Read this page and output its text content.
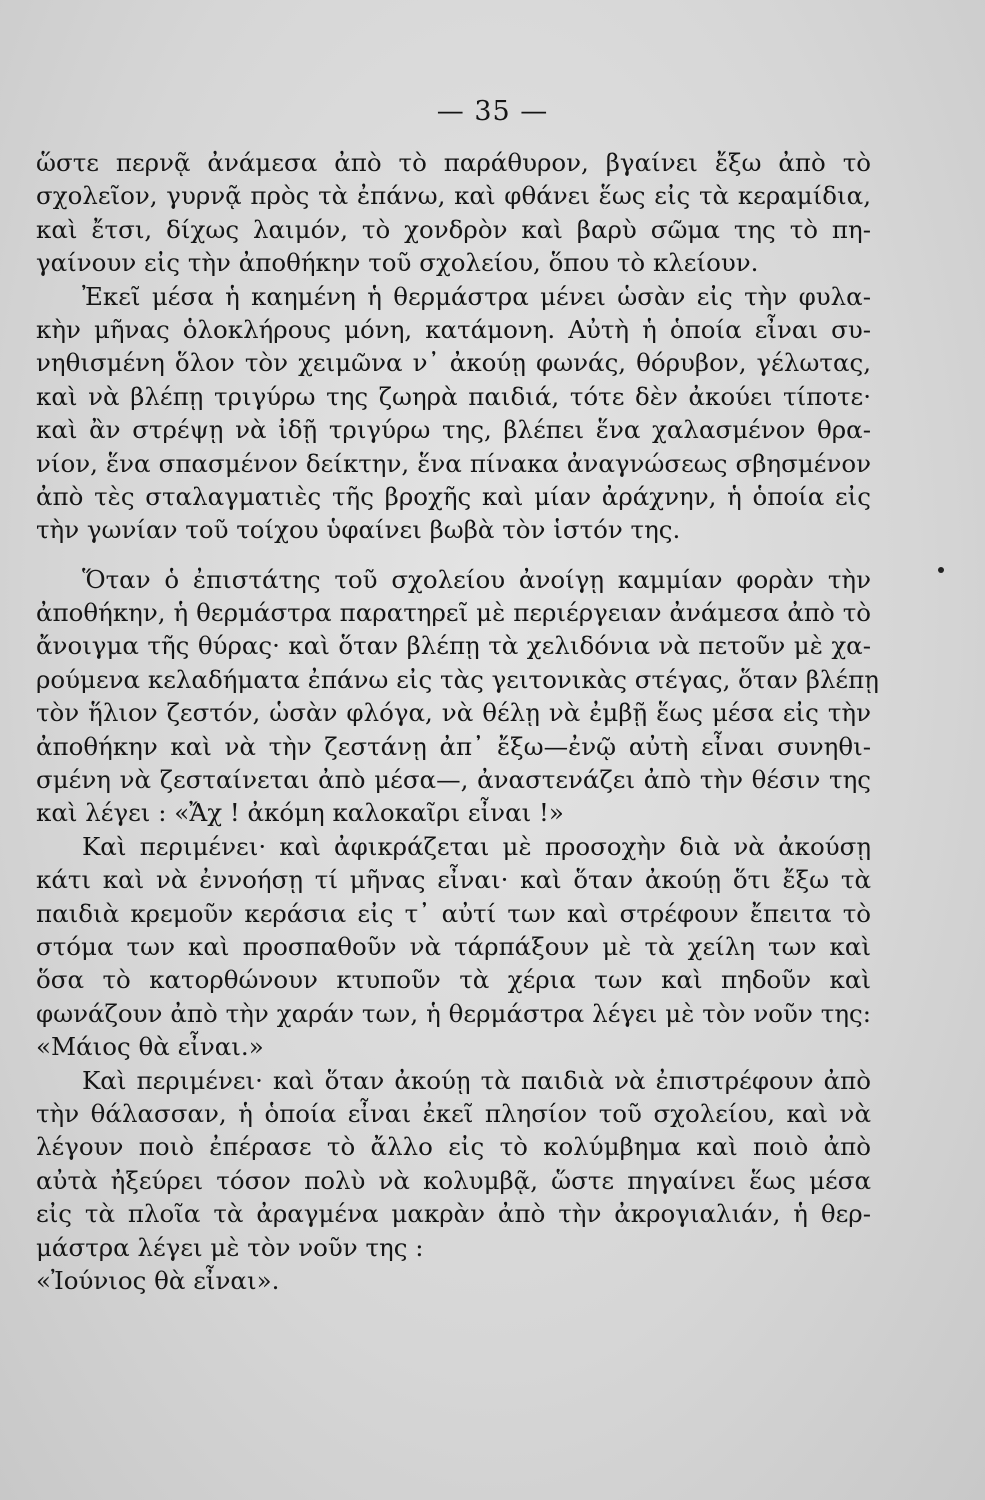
— 35 —
ὥστε περνᾷ ἀνάμεσα ἀπὸ τὸ παράθυρον, βγαίνει ἔξω ἀπὸ τὸ
σχολεῖον, γυρνᾷ πρὸς τὰ ἐπάνω, καὶ φθάνει ἕως εἰς τὰ κεραμίδια,
καὶ ἔτσι, δίχως λαιμόν, τὸ χονδρὸν καὶ βαρὺ σῶμα της τὸ πη-
γαίνουν εἰς τὴν ἀποθήκην τοῦ σχολείου, ὅπου τὸ κλείουν.
Ἐκεῖ μέσα ἡ καημένη ἡ θερμάστρα μένει ὡσὰν εἰς τὴν φυλα-
κὴν μῆνας ὁλοκλήρους μόνη, κατάμονη. Αὐτὴ ἡ ὁποία εἶναι συ-
νηθισμένη ὅλον τὸν χειμῶνα ν᾽ ἀκούῃ φωνάς, θόρυβον, γέλωτας,
καὶ νὰ βλέπῃ τριγύρω της ζωηρὰ παιδιά, τότε δὲν ἀκούει τίποτε·
καὶ ἂν στρέψῃ νὰ ἰδῇ τριγύρω της, βλέπει ἕνα χαλασμένον θρα-
νίον, ἕνα σπασμένον δείκτην, ἕνα πίνακα ἀναγνώσεως σβησμένον
ἀπὸ τὲς σταλαγματιὲς τῆς βροχῆς καὶ μίαν ἀράχνην, ἡ ὁποία εἰς
τὴν γωνίαν τοῦ τοίχου ὑφαίνει βωβὰ τὸν ἱστόν της.
Ὅταν ὁ ἐπιστάτης τοῦ σχολείου ἀνοίγῃ καμμίαν φορὰν τὴν
ἀποθήκην, ἡ θερμάστρα παρατηρεῖ μὲ περιέργειαν ἀνάμεσα ἀπὸ τὸ
ἄνοιγμα τῆς θύρας· καὶ ὅταν βλέπῃ τὰ χελιδόνια νὰ πετοῦν μὲ χα-
ρούμενα κελαδήματα ἐπάνω εἰς τὰς γειτονικὰς στέγας, ὅταν βλέπῃ
τὸν ἥλιον ζεστόν, ὡσὰν φλόγα, νὰ θέλῃ νὰ ἐμβῇ ἕως μέσα εἰς τὴν
ἀποθήκην καὶ νὰ τὴν ζεστάνῃ ἀπ᾽ ἔξω—ἐνῷ αὐτὴ εἶναι συνηθι-
σμένη νὰ ζεσταίνεται ἀπὸ μέσα—, ἀναστενάζει ἀπὸ τὴν θέσιν της
καὶ λέγει : «Ἄχ ! ἀκόμη καλοκαῖρι εἶναι !»
Καὶ περιμένει· καὶ ἀφικράζεται μὲ προσοχὴν διὰ νὰ ἀκούσῃ
κάτι καὶ νὰ ἐννοήσῃ τί μῆνας εἶναι· καὶ ὅταν ἀκούῃ ὅτι ἔξω τὰ
παιδιὰ κρεμοῦν κεράσια εἰς τ᾽ αὐτί των καὶ στρέφουν ἔπειτα τὸ
στόμα των καὶ προσπαθοῦν νὰ τάρπάξουν μὲ τὰ χείλη των καὶ
ὅσα τὸ κατορθώνουν κτυποῦν τὰ χέρια των καὶ πηδοῦν καὶ
φωνάζουν ἀπὸ τὴν χαράν των, ἡ θερμάστρα λέγει μὲ τὸν νοῦν της:
«Μάιος θὰ εἶναι.»
Καὶ περιμένει· καὶ ὅταν ἀκούῃ τὰ παιδιὰ νὰ ἐπιστρέφουν ἀπὸ
τὴν θάλασσαν, ἡ ὁποία εἶναι ἐκεῖ πλησίον τοῦ σχολείου, καὶ νὰ
λέγουν ποιὸ ἐπέρασε τὸ ἄλλο εἰς τὸ κολύμβημα καὶ ποιὸ ἀπὸ
αὐτὰ ἠξεύρει τόσον πολὺ νὰ κολυμβᾷ, ὥστε πηγαίνει ἕως μέσα
εἰς τὰ πλοῖα τὰ ἀραγμένα μακρὰν ἀπὸ τὴν ἀκρογιαλιάν, ἡ θερ-
μάστρα λέγει μὲ τὸν νοῦν της :
«Ἰούνιος θὰ εἶναι».
